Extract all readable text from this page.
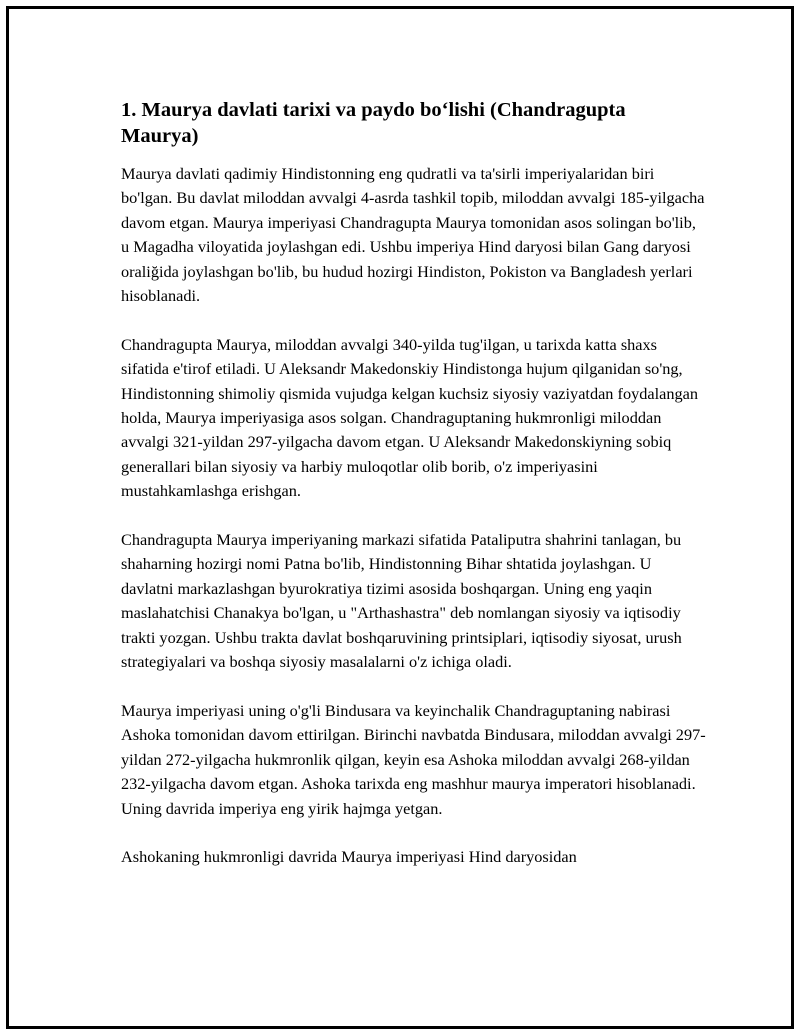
1. Maurya davlati tarixi va paydo boʻlishi (Chandragupta Maurya)

Maurya davlati qadimiy Hindistonning eng qudratli va ta'sirli imperiyalaridan biri bo'lgan. Bu davlat miloddan avvalgi 4-asrda tashkil topib, miloddan avvalgi 185-yilgacha davom etgan. Maurya imperiyasi Chandragupta Maurya tomonidan asos solingan bo'lib, u Magadha viloyatida joylashgan edi. Ushbu imperiya Hind daryosi bilan Gang daryosi oraliğida joylashgan bo'lib, bu hudud hozirgi Hindiston, Pokiston va Bangladesh yerlari hisoblanadi.

Chandragupta Maurya, miloddan avvalgi 340-yilda tug'ilgan, u tarixda katta shaxs sifatida e'tirof etiladi. U Aleksandr Makedonskiy Hindistonga hujum qilganidan so'ng, Hindistonning shimoliy qismida vujudga kelgan kuchsiz siyosiy vaziyatdan foydalangan holda, Maurya imperiyasiga asos solgan. Chandraguptaning hukmronligi miloddan avvalgi 321-yildan 297-yilgacha davom etgan. U Aleksandr Makedonskiyning sobiq generallari bilan siyosiy va harbiy muloqotlar olib borib, o'z imperiyasini mustahkamlashga erishgan.

Chandragupta Maurya imperiyaning markazi sifatida Pataliputra shahrini tanlagan, bu shaharning hozirgi nomi Patna bo'lib, Hindistonning Bihar shtatida joylashgan. U davlatni markazlashgan byurokratiya tizimi asosida boshqargan. Uning eng yaqin maslahatchisi Chanakya bo'lgan, u "Arthashastra" deb nomlangan siyosiy va iqtisodiy trakti yozgan. Ushbu trakta davlat boshqaruvining printsiplari, iqtisodiy siyosat, urush strategiyalari va boshqa siyosiy masalalarni o'z ichiga oladi.

Maurya imperiyasi uning o'g'li Bindusara va keyinchalik Chandraguptaning nabirasi Ashoka tomonidan davom ettirilgan. Birinchi navbatda Bindusara, miloddan avvalgi 297-yildan 272-yilgacha hukmronlik qilgan, keyin esa Ashoka miloddan avvalgi 268-yildan 232-yilgacha davom etgan. Ashoka tarixda eng mashhur maurya imperatori hisoblanadi. Uning davrida imperiya eng yirik hajmga yetgan.

Ashokaning hukmronligi davrida Maurya imperiyasi Hind daryosidan
